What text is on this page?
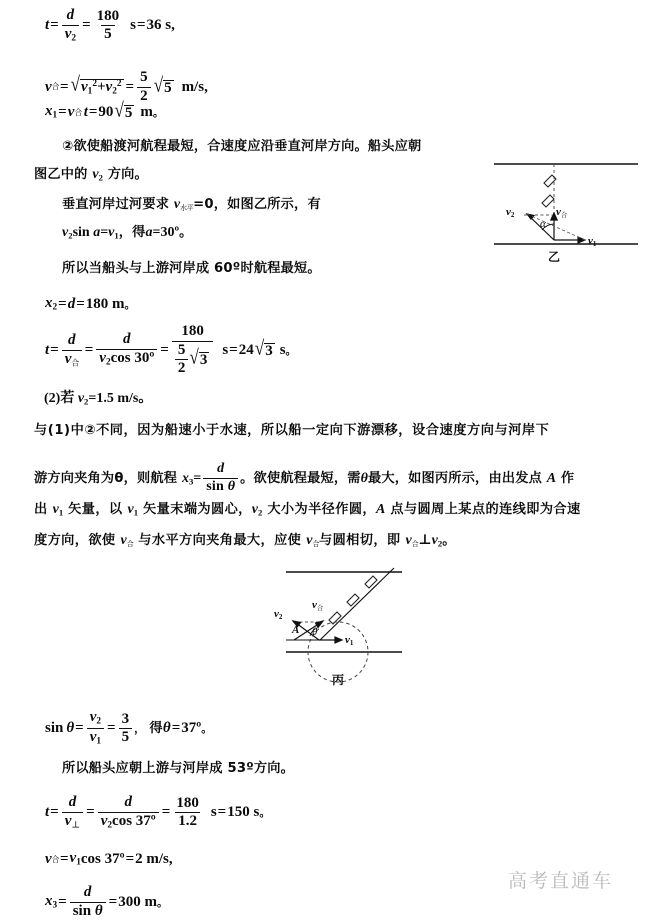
$t = \frac{d}{v_2} = \frac{180}{5}$ s = 36 s,
v 合 = √ $v_1^2+v_2^2 = \frac{5}{2}$ √ 5 m/s,
$x_1 = v$ 合 t = 90 √ 5 m 。
②欲使船渡河航程最短，合速度应沿垂直河岸方向。船头应朝
图乙中的 $v_2$ 方向。
垂直河岸过河要求 v水平=0，如图乙所示，有
$v_2\sin$ $a=v_1$，得a=30º。
所以当船头与上游河岸成 60º时航程最短。
$x_2 = d = 180$ m 。
$t = \frac{d}{\text{v合}} = \frac{d}{v_2\cos 30º} = \frac{180}{\frac{5}{2} √ 3}$ s = 24 √ 3 s 。
(2)若 $v_2=1.5$ m/s。
与(1)中②不同，因为船速小于水速，所以船一定向下游漂移，设合速度方向与河岸下
游方向夹角为θ，则航程 $x_3= \frac{d}{\text{sin θ}}$ 。欲使航程最短，需θ最大，如图丙所示，由出发点 A 作
出 $v_1$ 矢量，以 $v_1$ 矢量末端为圆心，$v_2$ 大小为半径作圆，A 点与圆周上某点的连线即为合速
度方向，欲使 v合 与水平方向夹角最大，应使 v合与圆相切，即 v合$\perp v_2$。
$\sin \theta = \frac{v_2}{v_1} = \frac{3}{5}$ ， 得 θ = 37º 。
所以船头应朝上游与河岸成 53º方向。
$t = \frac{d}{v\perp} = \frac{d}{v_2\cos 37º} = \frac{180}{1.2}$ s = 150 s 。
v 合 = $v_1$ cos 37º = 2 m/s,
$x_3 = \frac{d}{\text{sin θ}} = 300$ m 。
$v_2$	v合
$v_1$
α
乙
$v_2$
v合
$v_1$
θ
A
丙
高考直通车
